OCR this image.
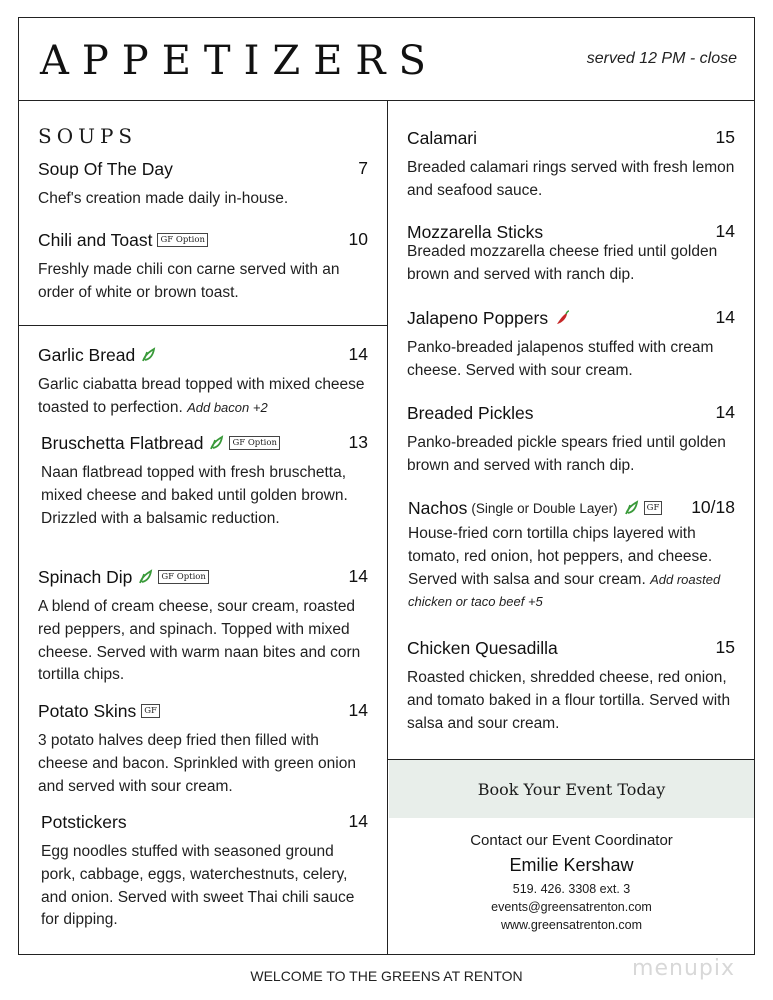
APPETIZERS	served 12 PM - close
SOUPS
Soup Of The Day	7
Chef's creation made daily in-house.
Chili and Toast GF Option	10
Freshly made chili con carne served with an order of white or brown toast.
Garlic Bread	14
Garlic ciabatta bread topped with mixed cheese toasted to perfection. Add bacon +2
Bruschetta Flatbread	GF Option	13
Naan flatbread topped with fresh bruschetta, mixed cheese and baked until golden brown. Drizzled with a balsamic reduction.
Spinach Dip	GF Option	14
A blend of cream cheese, sour cream, roasted red peppers, and spinach. Topped with mixed cheese. Served with warm naan bites and corn tortilla chips.
Potato Skins GF	14
3 potato halves deep fried then filled with cheese and bacon. Sprinkled with green onion and served with sour cream.
Potstickers	14
Egg noodles stuffed with seasoned ground pork, cabbage, eggs, waterchestnuts, celery, and onion. Served with sweet Thai chili sauce for dipping.
Calamari	15
Breaded calamari rings served with fresh lemon and seafood sauce.
Mozzarella Sticks	14
Breaded mozzarella cheese fried until golden brown and served with ranch dip.
Jalapeno Poppers	14
Panko-breaded jalapenos stuffed with cream cheese. Served with sour cream.
Breaded Pickles	14
Panko-breaded pickle spears fried until golden brown and served with ranch dip.
Nachos (Single or Double Layer)	GF 10/18
House-fried corn tortilla chips layered with tomato, red onion, hot peppers, and cheese. Served with salsa and sour cream. Add roasted chicken or taco beef +5
Chicken Quesadilla	15
Roasted chicken, shredded cheese, red onion, and tomato baked in a flour tortilla. Served with salsa and sour cream.
Book Your Event Today
Contact our Event Coordinator
Emilie Kershaw
519. 426. 3308 ext. 3
events@greensatrenton.com
www.greensatrenton.com
WELCOME TO THE GREENS AT RENTON	menupix
